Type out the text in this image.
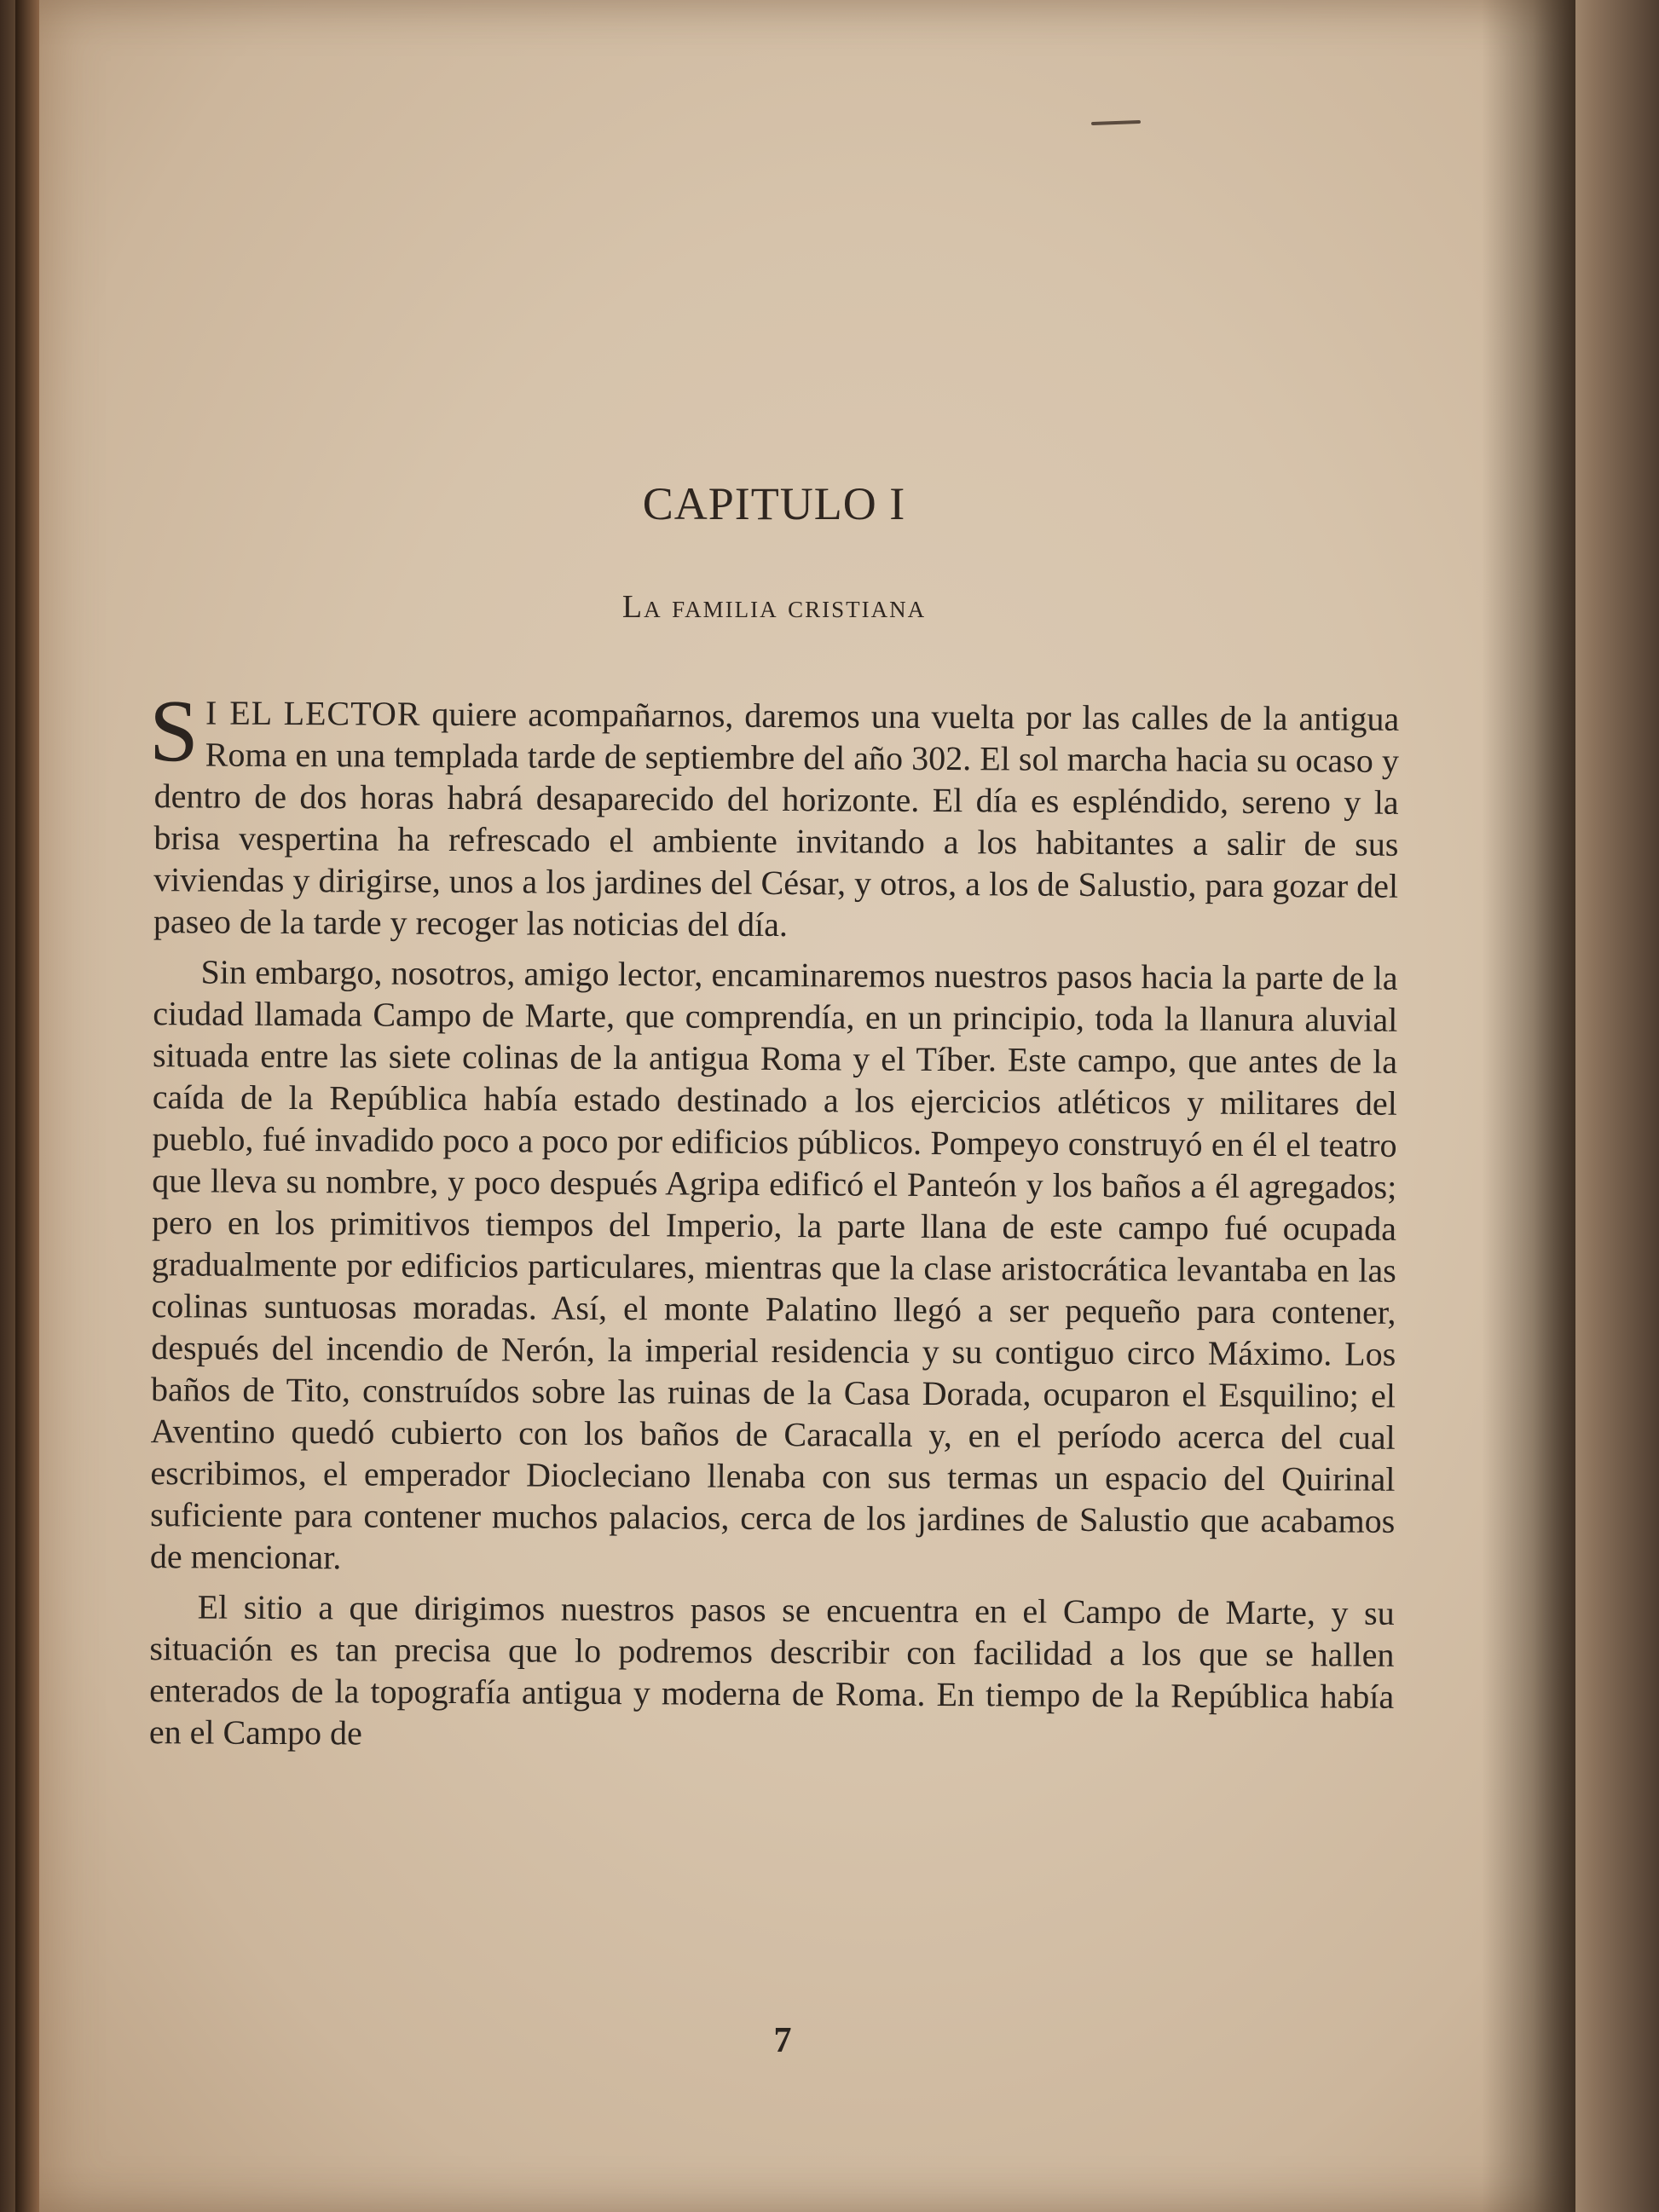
CAPITULO I
La familia cristiana

S I EL LECTOR quiere acompañarnos, daremos una vuelta por las calles de la antigua Roma en una templada tarde de septiembre del año 302. El sol marcha hacia su ocaso y dentro de dos horas habrá desaparecido del horizonte. El día es espléndido, sereno y la brisa vespertina ha refrescado el ambiente invitando a los habitantes a salir de sus viviendas y dirigirse, unos a los jardines del César, y otros, a los de Salustio, para gozar del paseo de la tarde y recoger las noticias del día.

Sin embargo, nosotros, amigo lector, encaminaremos nuestros pasos hacia la parte de la ciudad llamada Campo de Marte, que comprendía, en un principio, toda la llanura aluvial situada entre las siete colinas de la antigua Roma y el Tíber. Este campo, que antes de la caída de la República había estado destinado a los ejercicios atléticos y militares del pueblo, fué invadido poco a poco por edificios públicos. Pompeyo construyó en él el teatro que lleva su nombre, y poco después Agripa edificó el Panteón y los baños a él agregados; pero en los primitivos tiempos del Imperio, la parte llana de este campo fué ocupada gradualmente por edificios particulares, mientras que la clase aristocrática levantaba en las colinas suntuosas moradas. Así, el monte Palatino llegó a ser pequeño para contener, después del incendio de Nerón, la imperial residencia y su contiguo circo Máximo. Los baños de Tito, construídos sobre las ruinas de la Casa Dorada, ocuparon el Esquilino; el Aventino quedó cubierto con los baños de Caracalla y, en el período acerca del cual escribimos, el emperador Diocleciano llenaba con sus termas un espacio del Quirinal suficiente para contener muchos palacios, cerca de los jardines de Salustio que acabamos de mencionar.

El sitio a que dirigimos nuestros pasos se encuentra en el Campo de Marte, y su situación es tan precisa que lo podremos describir con facilidad a los que se hallen enterados de la topografía antigua y moderna de Roma. En tiempo de la República había en el Campo de

7
